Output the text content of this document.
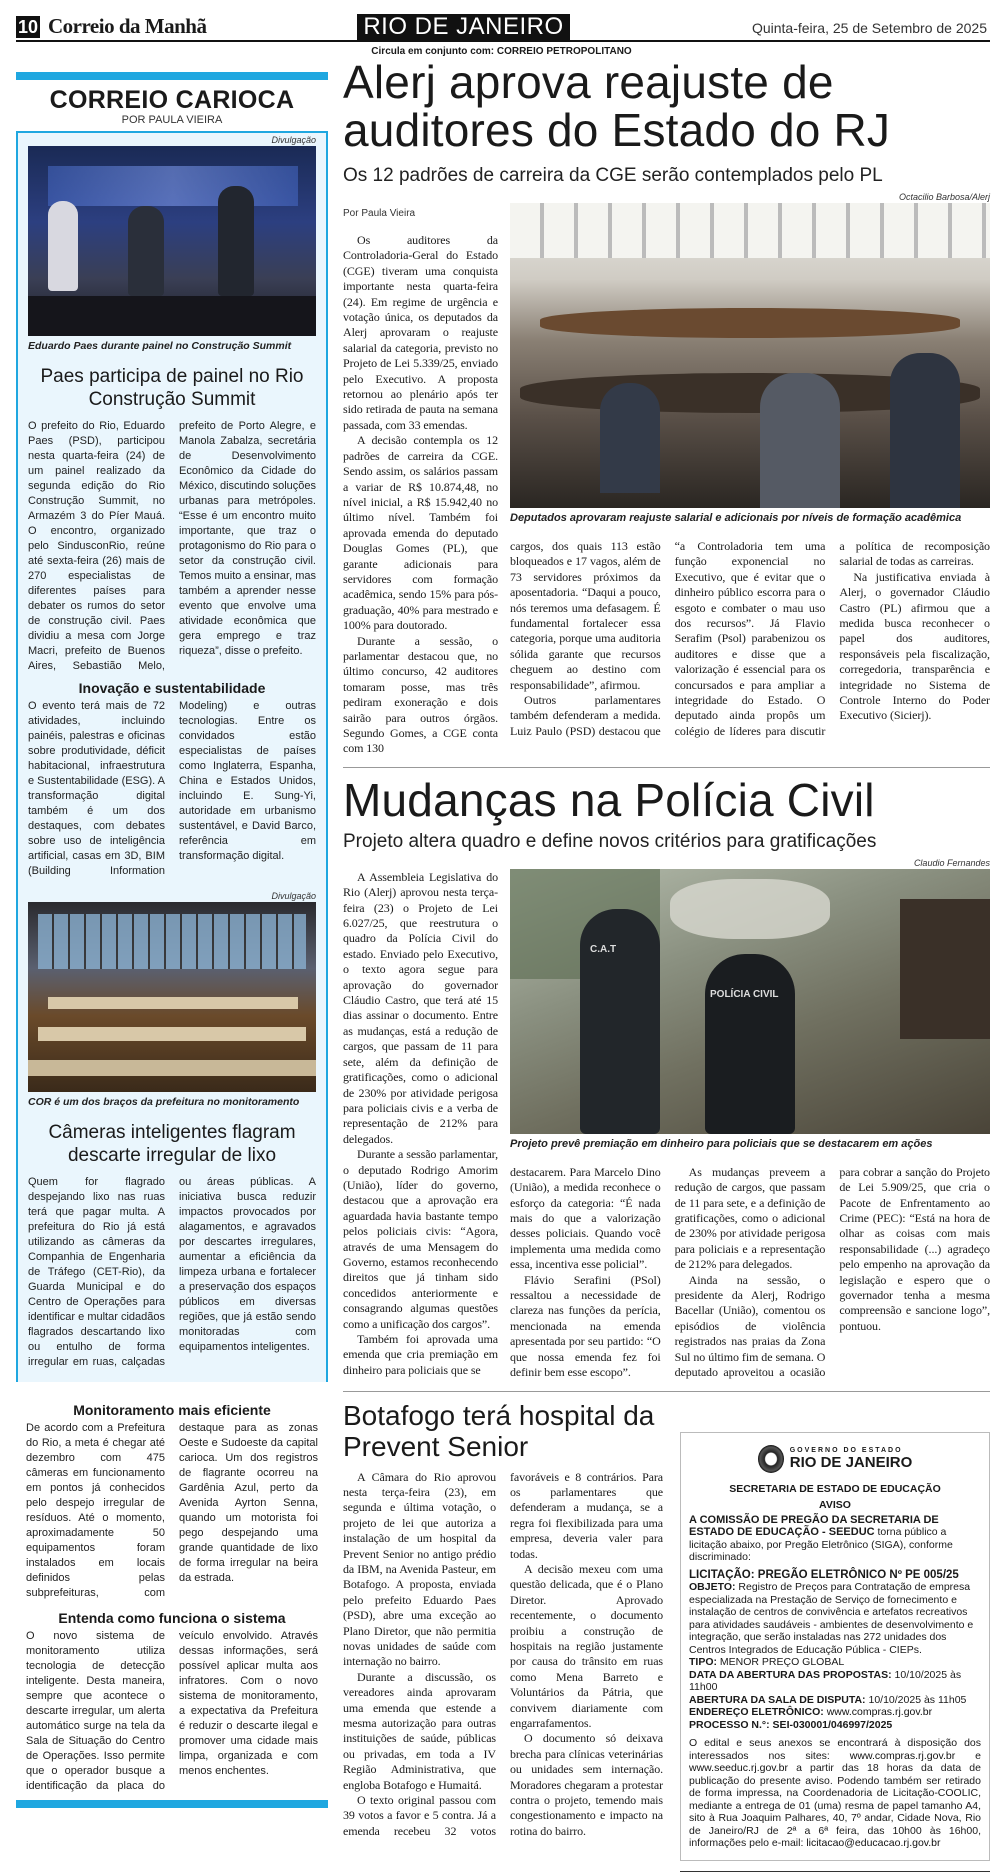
10 Correio da Manhã	RIO DE JANEIRO	Quinta-feira, 25 de Setembro de 2025
Circula em conjunto com: CORREIO PETROPOLITANO
CORREIO CARIOCA
POR PAULA VIEIRA
Divulgação
Eduardo Paes durante painel no Construção Summit
Paes participa de painel no Rio Construção Summit
O prefeito do Rio, Eduardo Paes (PSD), participou nesta quarta-feira (24) de um painel realizado da segunda edição do Rio Construção Summit, no Armazém 3 do Píer Mauá. O encontro, organizado pelo SindusconRio, reúne até sexta-feira (26) mais de 270 especialistas de diferentes países para debater os rumos do setor de construção civil. Paes dividiu a mesa com Jorge Macri, prefeito de Buenos Aires, Sebastião Melo, prefeito de Porto Alegre, e Manola Zabalza, secretária de Desenvolvimento Econômico da Cidade do México, discutindo soluções urbanas para metrópoles. “Esse é um encontro muito importante, que traz o protagonismo do Rio para o setor da construção civil. Temos muito a ensinar, mas também a aprender nesse evento que envolve uma atividade econômica que gera emprego e traz riqueza”, disse o prefeito.
Inovação e sustentabilidade
O evento terá mais de 72 atividades, incluindo painéis, palestras e oficinas sobre produtividade, déficit habitacional, infraestrutura e Sustentabilidade (ESG). A transformação digital também é um dos destaques, com debates sobre uso de inteligência artificial, casas em 3D, BIM (Building Information Modeling) e outras tecnologias. Entre os convidados estão especialistas de países como Inglaterra, Espanha, China e Estados Unidos, incluindo E. Sung-Yi, autoridade em urbanismo sustentável, e David Barco, referência em transformação digital.
Divulgação
COR é um dos braços da prefeitura no monitoramento
Câmeras inteligentes flagram descarte irregular de lixo
Quem for flagrado despejando lixo nas ruas terá que pagar multa. A prefeitura do Rio já está utilizando as câmeras da Companhia de Engenharia de Tráfego (CET-Rio), da Guarda Municipal e do Centro de Operações para identificar e multar cidadãos flagrados descartando lixo ou entulho de forma irregular em ruas, calçadas ou áreas públicas. A iniciativa busca reduzir impactos provocados por alagamentos, e agravados por descartes irregulares, aumentar a eficiência da limpeza urbana e fortalecer a preservação dos espaços públicos em diversas regiões, que já estão sendo monitoradas com equipamentos inteligentes.
Monitoramento mais eficiente
De acordo com a Prefeitura do Rio, a meta é chegar até dezembro com 475 câmeras em funcionamento em pontos já conhecidos pelo despejo irregular de resíduos. Até o momento, aproximadamente 50 equipamentos foram instalados em locais definidos pelas subprefeituras, com destaque para as zonas Oeste e Sudoeste da capital carioca. Um dos registros de flagrante ocorreu na Gardênia Azul, perto da Avenida Ayrton Senna, quando um motorista foi pego despejando uma grande quantidade de lixo de forma irregular na beira da estrada.
Entenda como funciona o sistema
O novo sistema de monitoramento utiliza tecnologia de detecção inteligente. Desta maneira, sempre que acontece o descarte irregular, um alerta automático surge na tela da Sala de Situação do Centro de Operações. Isso permite que o operador busque a identificação da placa do veículo envolvido. Através dessas informações, será possível aplicar multa aos infratores. Com o novo sistema de monitoramento, a expectativa da Prefeitura é reduzir o descarte ilegal e promover uma cidade mais limpa, organizada e com menos enchentes.
Alerj aprova reajuste de auditores do Estado do RJ
Os 12 padrões de carreira da CGE serão contemplados pelo PL
Por Paula Vieira

Os auditores da Controladoria-Geral do Estado (CGE) tiveram uma conquista importante nesta quarta-feira (24). Em regime de urgência e votação única, os deputados da Alerj aprovaram o reajuste salarial da categoria, previsto no Projeto de Lei 5.339/25, enviado pelo Executivo. A proposta retornou ao plenário após ter sido retirada de pauta na semana passada, com 33 emendas.

A decisão contempla os 12 padrões de carreira da CGE. Sendo assim, os salários passam a variar de R$ 10.874,48, no nível inicial, a R$ 15.942,40 no último nível. Também foi aprovada emenda do deputado Douglas Gomes (PL), que garante adicionais para servidores com formação acadêmica, sendo 15% para pós-graduação, 40% para mestrado e 100% para doutorado.

Durante a sessão, o parlamentar destacou que, no último concurso, 42 auditores tomaram posse, mas três pediram exoneração e dois sairão para outros órgãos. Segundo Gomes, a CGE conta com 130

Octacilio Barbosa/Alerj
Deputados aprovaram reajuste salarial e adicionais por níveis de formação acadêmica

cargos, dos quais 113 estão bloqueados e 17 vagos, além de 73 servidores próximos da aposentadoria. “Daqui a pouco, nós teremos uma defasagem. É fundamental fortalecer essa categoria, porque uma auditoria sólida garante que recursos cheguem ao destino com responsabilidade”, afirmou.

Outros parlamentares também defenderam a medida. Luiz Paulo (PSD) destacou que “a Controladoria tem uma função exponencial no Executivo, que é evitar que o dinheiro público escorra para o esgoto e combater o mau uso dos recursos”. Já Flavio Serafim (Psol) parabenizou os auditores e disse que a valorização é essencial para os concursados e para ampliar a integridade do Estado. O deputado ainda propôs um colégio de líderes para discutir a política de recomposição salarial de todas as carreiras.

Na justificativa enviada à Alerj, o governador Cláudio Castro (PL) afirmou que a medida busca reconhecer o papel dos auditores, responsáveis pela fiscalização, corregedoria, transparência e integridade no Sistema de Controle Interno do Poder Executivo (Sicierj).

Mudanças na Polícia Civil
Projeto altera quadro e define novos critérios para gratificações

A Assembleia Legislativa do Rio (Alerj) aprovou nesta terça-feira (23) o Projeto de Lei 6.027/25, que reestrutura o quadro da Polícia Civil do estado. Enviado pelo Executivo, o texto agora segue para aprovação do governador Cláudio Castro, que terá até 15 dias assinar o documento. Entre as mudanças, está a redução de cargos, que passam de 11 para sete, além da definição de gratificações, como o adicional de 230% por atividade perigosa para policiais civis e a verba de representação de 212% para delegados.

Durante a sessão parlamentar, o deputado Rodrigo Amorim (União), líder do governo, destacou que a aprovação era aguardada havia bastante tempo pelos policiais civis: “Agora, através de uma Mensagem do Governo, estamos reconhecendo direitos que já tinham sido concedidos anteriormente e consagrando algumas questões como a unificação dos cargos”.

Também foi aprovada uma emenda que cria premiação em dinheiro para policiais que se

Claudio Fernandes
C.A.T
POLÍCIA CIVIL
Projeto prevê premiação em dinheiro para policiais que se destacarem em ações

destacarem. Para Marcelo Dino (União), a medida reconhece o esforço da categoria: “É nada mais do que a valorização desses policiais. Quando você implementa uma medida como essa, incentiva esse policial”.

Flávio Serafini (PSol) ressaltou a necessidade de clareza nas funções da perícia, mencionada na emenda apresentada por seu partido: “O que nossa emenda fez foi definir bem esse escopo”.

As mudanças preveem a redução de cargos, que passam de 11 para sete, e a definição de gratificações, como o adicional de 230% por atividade perigosa para policiais e a representação de 212% para delegados.

Ainda na sessão, o presidente da Alerj, Rodrigo Bacellar (União), comentou os episódios de violência registrados nas praias da Zona Sul no último fim de semana. O deputado aproveitou a ocasião para cobrar a sanção do Projeto de Lei 5.909/25, que cria o Pacote de Enfrentamento ao Crime (PEC): “Está na hora de olhar as coisas com mais responsabilidade (...) agradeço pelo empenho na aprovação da legislação e espero que o governador tenha a mesma compreensão e sancione logo”, pontuou.

Botafogo terá hospital da Prevent Senior

A Câmara do Rio aprovou nesta terça-feira (23), em segunda e última votação, o projeto de lei que autoriza a instalação de um hospital da Prevent Senior no antigo prédio da IBM, na Avenida Pasteur, em Botafogo. A proposta, enviada pelo prefeito Eduardo Paes (PSD), abre uma exceção ao Plano Diretor, que não permitia novas unidades de saúde com internação no bairro.

Durante a discussão, os vereadores ainda aprovaram uma emenda que estende a mesma autorização para outras instituições de saúde, públicas ou privadas, em toda a IV Região Administrativa, que engloba Botafogo e Humaitá.

O texto original passou com 39 votos a favor e 5 contra. Já a emenda recebeu 32 votos favoráveis e 8 contrários. Para os parlamentares que defenderam a mudança, se a regra foi flexibilizada para uma empresa, deveria valer para todas.

A decisão mexeu com uma questão delicada, que é o Plano Diretor. Aprovado recentemente, o documento proibiu a construção de hospitais na região justamente por causa do trânsito em ruas como Mena Barreto e Voluntários da Pátria, que convivem diariamente com engarrafamentos.

O documento só deixava brecha para clínicas veterinárias ou unidades sem internação. Moradores chegaram a protestar contra o projeto, temendo mais congestionamento e impacto na rotina do bairro.

GOVERNO DO ESTADO
RIO DE JANEIRO
SECRETARIA DE ESTADO DE EDUCAÇÃO
AVISO
A COMISSÃO DE PREGÃO DA SECRETARIA DE ESTADO DE EDUCAÇÃO - SEEDUC torna público a licitação abaixo, por Pregão Eletrônico (SIGA), conforme discriminado:
LICITAÇÃO: PREGÃO ELETRÔNICO Nº PE 005/25
OBJETO: Registro de Preços para Contratação de empresa especializada na Prestação de Serviço de fornecimento e instalação de centros de convivência e artefatos recreativos para atividades saudáveis - ambientes de desenvolvimento e integração, que serão instaladas nas 272 unidades dos Centros Integrados de Educação Pública - CIEPs.
TIPO: MENOR PREÇO GLOBAL
DATA DA ABERTURA DAS PROPOSTAS: 10/10/2025 às 11h00
ABERTURA DA SALA DE DISPUTA: 10/10/2025 às 11h05
ENDEREÇO ELETRÔNICO: www.compras.rj.gov.br
PROCESSO N.°: SEI-030001/046997/2025
O edital e seus anexos se encontrará à disposição dos interessados nos sites: www.compras.rj.gov.br e www.seeduc.rj.gov.br a partir das 18 horas da data de publicação do presente aviso. Podendo também ser retirado de forma impressa, na Coordenadoria de Licitação-COOLIC, mediante a entrega de 01 (uma) resma de papel tamanho A4, sito à Rua Joaquim Palhares, 40, 7º andar, Cidade Nova, Rio de Janeiro/RJ de 2ª a 6ª feira, das 10h00 às 16h00, informações pelo e-mail: licitacao@educacao.rj.gov.br
